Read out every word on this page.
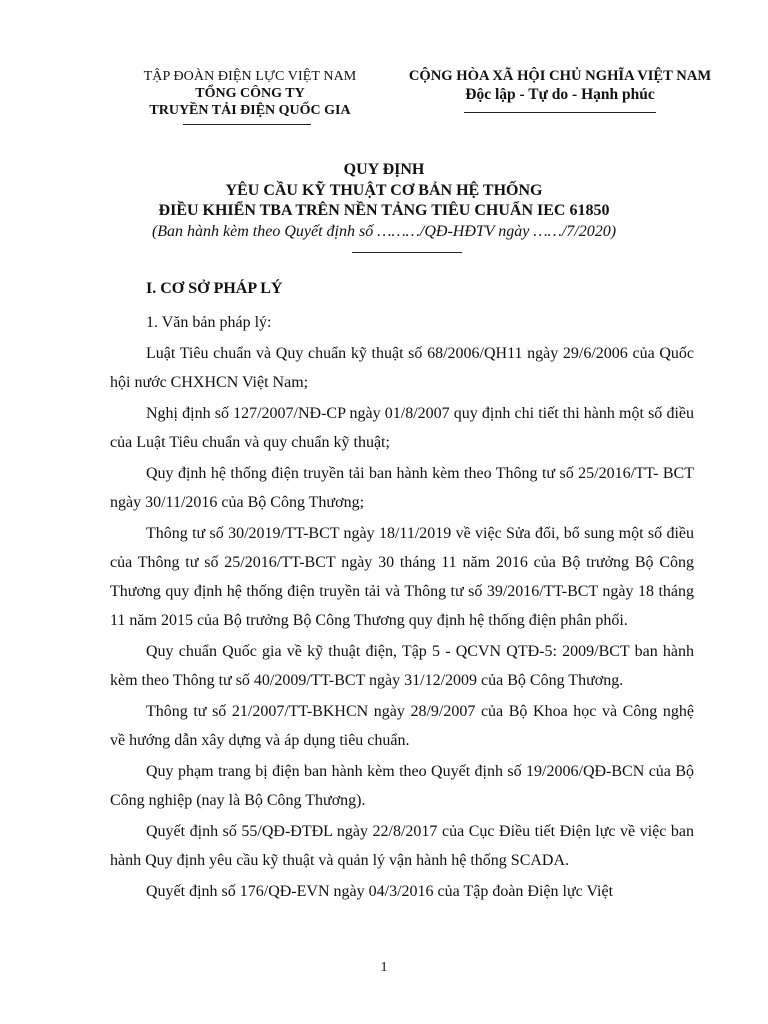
TẬP ĐOÀN ĐIỆN LỰC VIỆT NAM
TỔNG CÔNG TY
TRUYỀN TẢI ĐIỆN QUỐC GIA
CỘNG HÒA XÃ HỘI CHỦ NGHĨA VIỆT NAM
Độc lập - Tự do - Hạnh phúc
QUY ĐỊNH
YÊU CẦU KỸ THUẬT CƠ BẢN HỆ THỐNG
ĐIỀU KHIỂN TBA TRÊN NỀN TẢNG TIÊU CHUẨN IEC 61850
(Ban hành kèm theo Quyết định số ………/QĐ-HĐTV ngày ……/7/2020)
I. CƠ SỞ PHÁP LÝ

1. Văn bản pháp lý:

Luật Tiêu chuẩn và Quy chuẩn kỹ thuật số 68/2006/QH11 ngày 29/6/2006 của Quốc hội nước CHXHCN Việt Nam;

Nghị định số 127/2007/NĐ-CP ngày 01/8/2007 quy định chi tiết thi hành một số điều của Luật Tiêu chuẩn và quy chuẩn kỹ thuật;

Quy định hệ thống điện truyền tải ban hành kèm theo Thông tư số 25/2016/TT- BCT ngày 30/11/2016 của Bộ Công Thương;

Thông tư số 30/2019/TT-BCT ngày 18/11/2019 về việc Sửa đổi, bổ sung một số điều của Thông tư số 25/2016/TT-BCT ngày 30 tháng 11 năm 2016 của Bộ trưởng Bộ Công Thương quy định hệ thống điện truyền tải và Thông tư số 39/2016/TT-BCT ngày 18 tháng 11 năm 2015 của Bộ trưởng Bộ Công Thương quy định hệ thống điện phân phối.

Quy chuẩn Quốc gia về kỹ thuật điện, Tập 5 - QCVN QTĐ-5: 2009/BCT ban hành kèm theo Thông tư số 40/2009/TT-BCT ngày 31/12/2009 của Bộ Công Thương.

Thông tư số 21/2007/TT-BKHCN ngày 28/9/2007 của Bộ Khoa học và Công nghệ về hướng dẫn xây dựng và áp dụng tiêu chuẩn.

Quy phạm trang bị điện ban hành kèm theo Quyết định số 19/2006/QĐ-BCN của Bộ Công nghiệp (nay là Bộ Công Thương).

Quyết định số 55/QĐ-ĐTĐL ngày 22/8/2017 của Cục Điều tiết Điện lực về việc ban hành Quy định yêu cầu kỹ thuật và quản lý vận hành hệ thống SCADA.

Quyết định số 176/QĐ-EVN ngày 04/3/2016 của Tập đoàn Điện lực Việt

1
